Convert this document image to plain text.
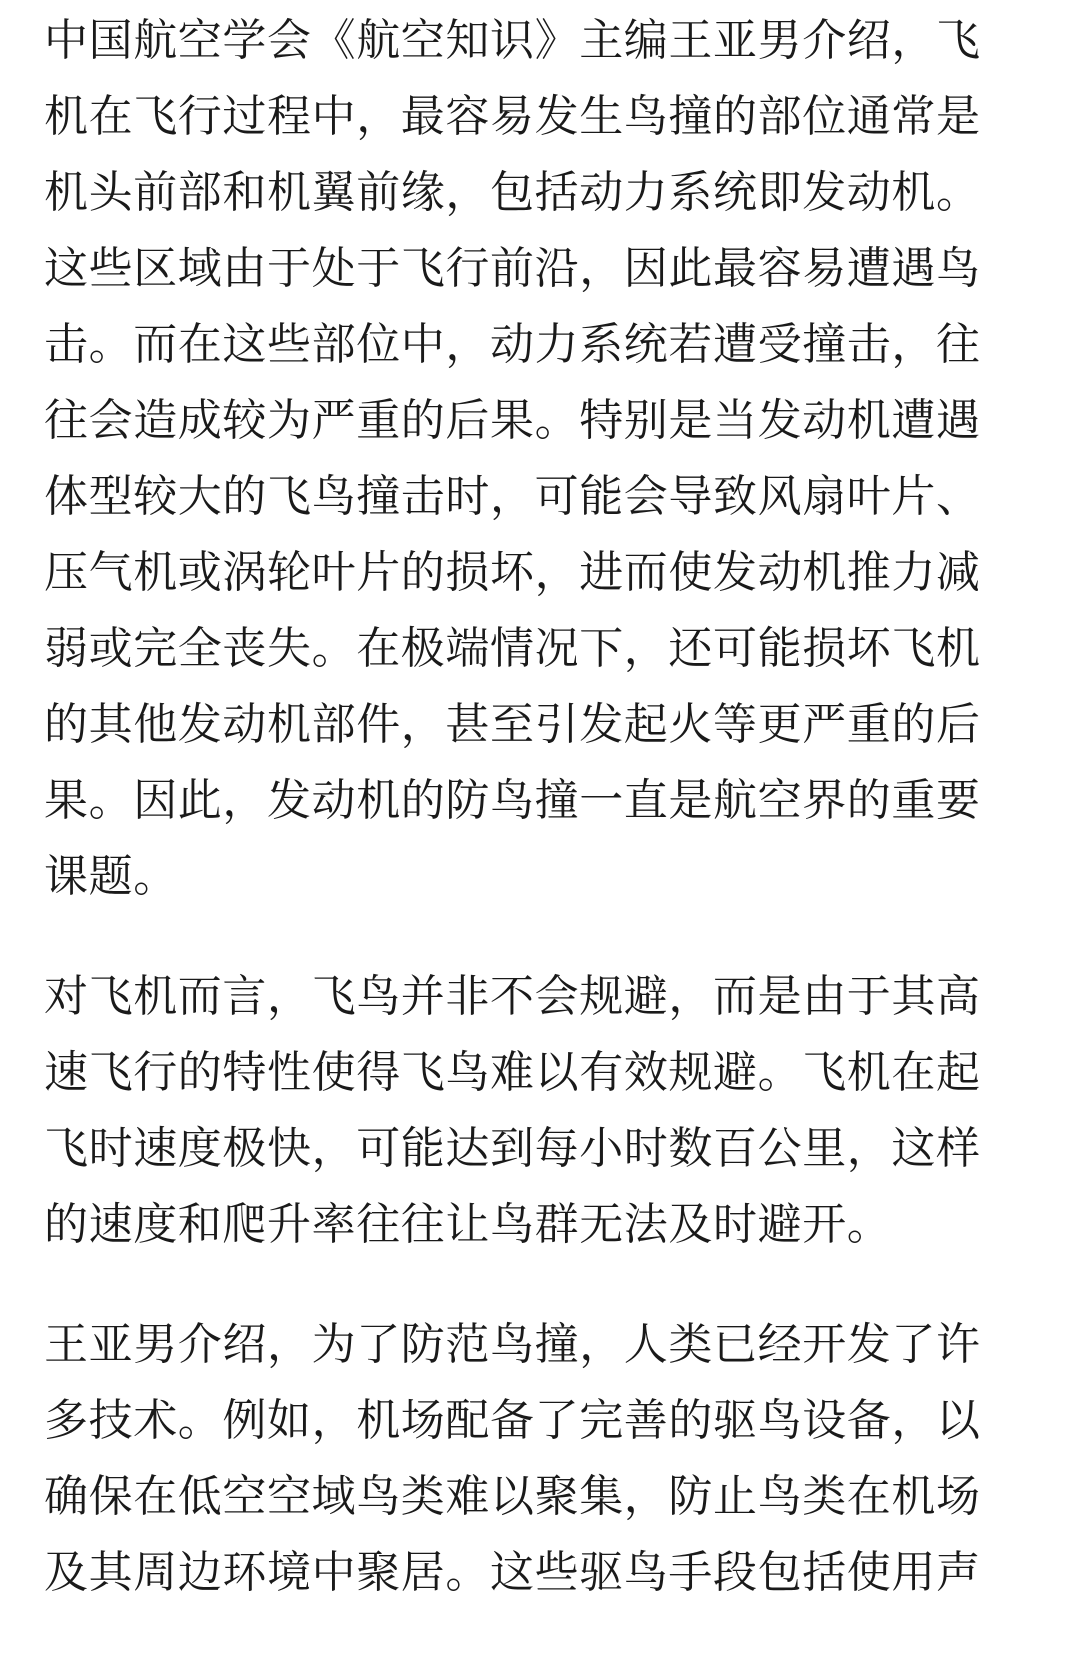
中国航空学会《航空知识》主编王亚男介绍，飞
机在飞行过程中，最容易发生鸟撞的部位通常是
机头前部和机翼前缘，包括动力系统即发动机。
这些区域由于处于飞行前沿，因此最容易遭遇鸟
击。而在这些部位中，动力系统若遭受撞击，往
往会造成较为严重的后果。特别是当发动机遭遇
体型较大的飞鸟撞击时，可能会导致风扇叶片、
压气机或涡轮叶片的损坏，进而使发动机推力减
弱或完全丧失。在极端情况下，还可能损坏飞机
的其他发动机部件，甚至引发起火等更严重的后
果。因此，发动机的防鸟撞一直是航空界的重要
课题。
对飞机而言，飞鸟并非不会规避，而是由于其高
速飞行的特性使得飞鸟难以有效规避。飞机在起
飞时速度极快，可能达到每小时数百公里，这样
的速度和爬升率往往让鸟群无法及时避开。
王亚男介绍，为了防范鸟撞，人类已经开发了许
多技术。例如，机场配备了完善的驱鸟设备，以
确保在低空空域鸟类难以聚集，防止鸟类在机场
及其周边环境中聚居。这些驱鸟手段包括使用声
